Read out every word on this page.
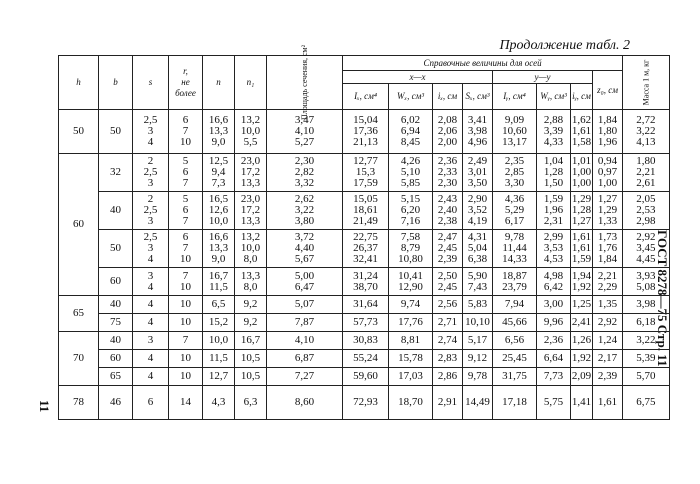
Продолжение табл. 2
ГОСТ 8278—75 Стр. 11
11
h	b	s	r,
не
более	n	n₁	Площадь сечения, см²	Справочные величины для осей								Масса 1 м, кг
							x—x				y—y			z₀, см	
							Iₓ, см⁴	Wₓ, см³	iₓ, см	Sₓ, см³	Iᵧ, см⁴	Wᵧ, см³	iᵧ, см		
50	50	2,5
3
4	6
7
10	16,6
13,3
9,0	13,2
10,0
5,5	3,47
4,10
5,27	15,04
17,36
21,13	6,02
6,94
8,45	2,08
2,06
2,00	3,41
3,98
4,96	9,09
10,60
13,17	2,88
3,39
4,33	1,62
1,61
1,58	1,84
1,80
1,96	2,72
3,22
4,13
60	32	2
2,5
3	5
6
7	12,5
9,4
7,3	23,0
17,2
13,3	2,30
2,82
3,32	12,77
15,3
17,59	4,26
5,10
5,85	2,36
2,33
2,30	2,49
3,01
3,50	2,35
2,85
3,30	1,04
1,28
1,50	1,01
1,00
1,00	0,94
0,97
1,00	1,80
2,21
2,61
	40	2
2,5
3	5
6
7	16,5
12,6
10,0	23,0
17,2
13,3	2,62
3,22
3,80	15,05
18,61
21,49	5,15
6,20
7,16	2,43
2,40
2,38	2,90
3,52
4,19	4,36
5,29
6,17	1,59
1,96
2,31	1,29
1,28
1,27	1,27
1,29
1,33	2,05
2,53
2,98
	50	2,5
3
4	6
7
10	16,6
13,3
9,0	13,2
10,0
8,0	3,72
4,40
5,67	22,75
26,37
32,41	7,58
8,79
10,80	2,47
2,45
2,39	4,31
5,04
6,38	9,78
11,44
14,33	2,99
3,53
4,53	1,61
1,61
1,59	1,73
1,76
1,84	2,92
3,45
4,45
	60	3
4	7
10	16,7
11,5	13,3
8,0	5,00
6,47	31,24
38,70	10,41
12,90	2,50
2,45	5,90
7,43	18,87
23,79	4,98
6,42	1,94
1,92	2,21
2,29	3,93
5,08
65	40	4	10	6,5	9,2	5,07	31,64	9,74	2,56	5,83	7,94	3,00	1,25	1,35	3,98
	75	4	10	15,2	9,2	7,87	57,73	17,76	2,71	10,10	45,66	9,96	2,41	2,92	6,18
70	40	3	7	10,0	16,7	4,10	30,83	8,81	2,74	5,17	6,56	2,36	1,26	1,24	3,22
	60	4	10	11,5	10,5	6,87	55,24	15,78	2,83	9,12	25,45	6,64	1,92	2,17	5,39
	65	4	10	12,7	10,5	7,27	59,60	17,03	2,86	9,78	31,75	7,73	2,09	2,39	5,70
78	46	6	14	4,3	6,3	8,60	72,93	18,70	2,91	14,49	17,18	5,75	1,41	1,61	6,75
